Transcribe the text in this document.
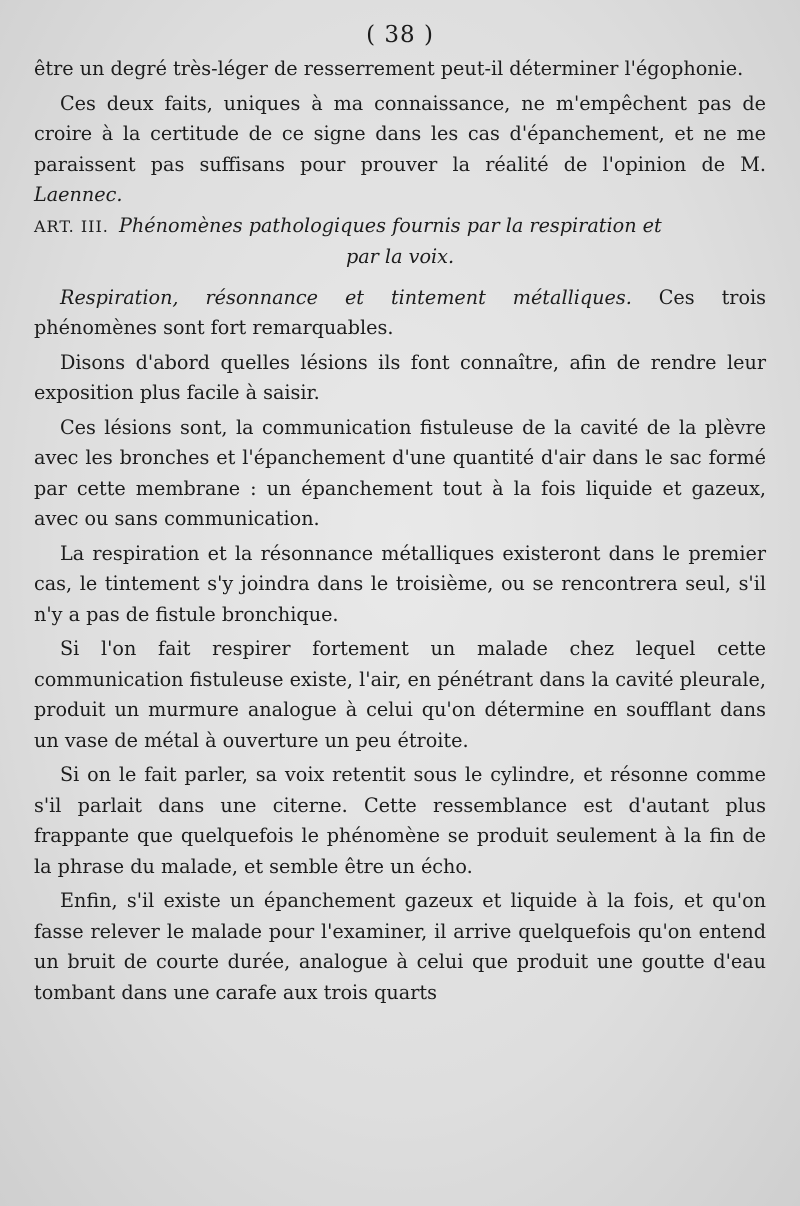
( 38 )

être un degré très-léger de resserrement peut-il déterminer l'égophonie.

Ces deux faits, uniques à ma connaissance, ne m'empêchent pas de croire à la certitude de ce signe dans les cas d'épanchement, et ne me paraissent pas suffisans pour prouver la réalité de l'opinion de M. Laennec.

ART. III. Phénomènes pathologiques fournis par la respiration et
par la voix.

Respiration, résonnance et tintement métalliques. Ces trois phénomènes sont fort remarquables.

Disons d'abord quelles lésions ils font connaître, afin de rendre leur exposition plus facile à saisir.

Ces lésions sont, la communication fistuleuse de la cavité de la plèvre avec les bronches et l'épanchement d'une quantité d'air dans le sac formé par cette membrane : un épanchement tout à la fois liquide et gazeux, avec ou sans communication.

La respiration et la résonnance métalliques existeront dans le premier cas, le tintement s'y joindra dans le troisième, ou se rencontrera seul, s'il n'y a pas de fistule bronchique.

Si l'on fait respirer fortement un malade chez lequel cette communication fistuleuse existe, l'air, en pénétrant dans la cavité pleurale, produit un murmure analogue à celui qu'on détermine en soufflant dans un vase de métal à ouverture un peu étroite.

Si on le fait parler, sa voix retentit sous le cylindre, et résonne comme s'il parlait dans une citerne. Cette ressemblance est d'autant plus frappante que quelquefois le phénomène se produit seulement à la fin de la phrase du malade, et semble être un écho.

Enfin, s'il existe un épanchement gazeux et liquide à la fois, et qu'on fasse relever le malade pour l'examiner, il arrive quelquefois qu'on entend un bruit de courte durée, analogue à celui que produit une goutte d'eau tombant dans une carafe aux trois quarts
